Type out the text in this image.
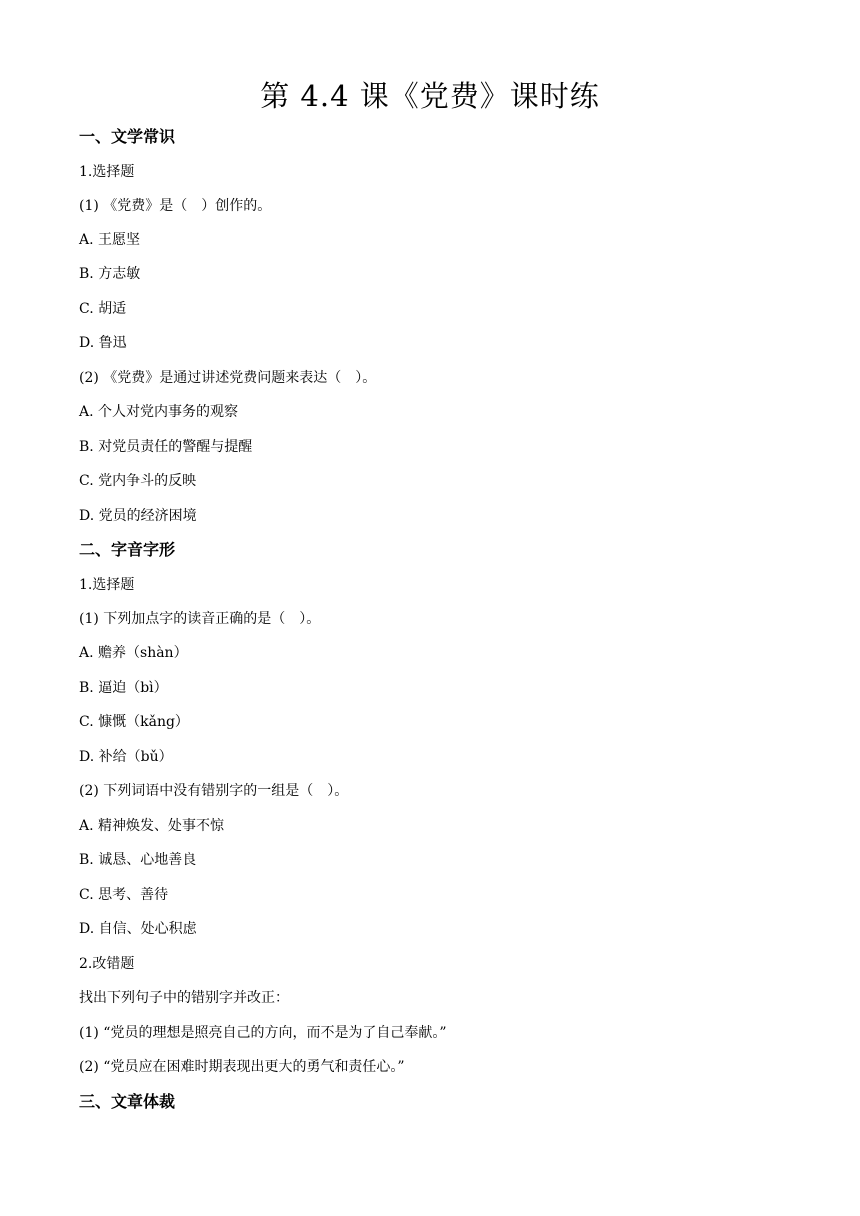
第 4.4 课《党费》课时练
一、文学常识
1.选择题
(1) 《党费》是（　）创作的。
A. 王愿坚
B. 方志敏
C. 胡适
D. 鲁迅
(2) 《党费》是通过讲述党费问题来表达（　）。
A. 个人对党内事务的观察
B. 对党员责任的警醒与提醒
C. 党内争斗的反映
D. 党员的经济困境
二、字音字形
1.选择题
(1) 下列加点字的读音正确的是（　）。
A. 赡养（shàn）
B. 逼迫（bì）
C. 慷慨（kǎng）
D. 补给（bǔ）
(2) 下列词语中没有错别字的一组是（　）。
A. 精神焕发、处事不惊
B. 诚恳、心地善良
C. 思考、善待
D. 自信、处心积虑
2.改错题
找出下列句子中的错别字并改正：
(1) “党员的理想是照亮自己的方向，而不是为了自己奉献。”
(2) “党员应在困难时期表现出更大的勇气和责任心。”
三、文章体裁
